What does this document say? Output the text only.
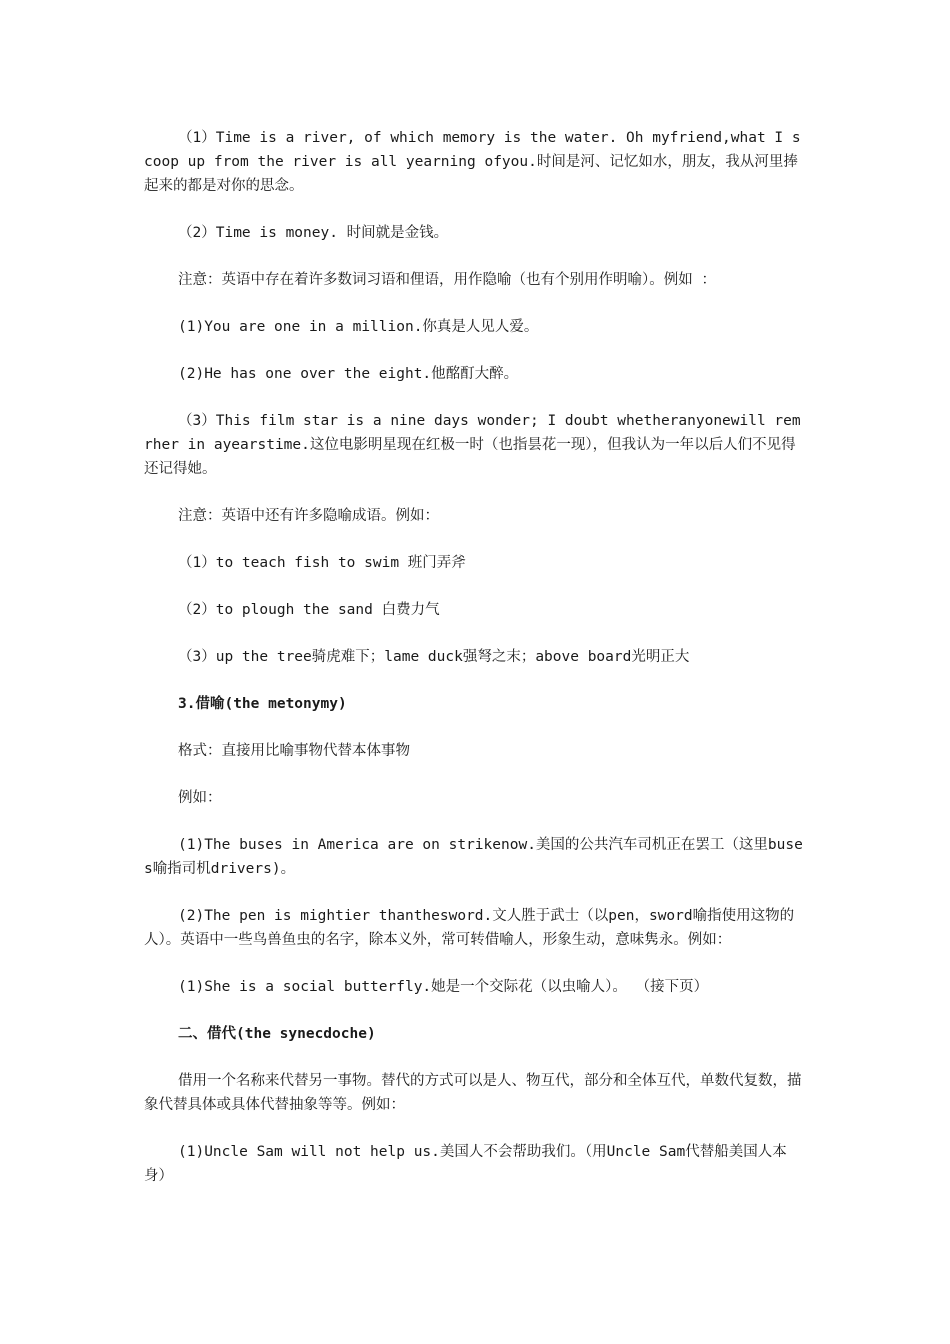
（1）Time is a river, of which memory is the water. Oh myfriend,what I scoop up from the river is all yearning ofyou.时间是河、记忆如水，朋友，我从河里捧起来的都是对你的思念。

（2）Time is money. 时间就是金钱。

注意：英语中存在着许多数词习语和俚语，用作隐喻（也有个别用作明喻）。例如 ：

(1)You are one in a million.你真是人见人爱。

(2)He has one over the eight.他酩酊大醉。

（3）This film star is a nine days wonder; I doubt whetheranyonewill remrher in ayearstime.这位电影明星现在红极一时（也指昙花一现），但我认为一年以后人们不见得还记得她。

注意：英语中还有许多隐喻成语。例如：

（1）to teach fish to swim 班门弄斧

（2）to plough the sand 白费力气

（3）up the tree骑虎难下；lame duck强弩之末；above board光明正大

3.借喻(the metonymy)

格式：直接用比喻事物代替本体事物

例如：

(1)The buses in America are on strikenow.美国的公共汽车司机正在罢工（这里buses喻指司机drivers)。

(2)The pen is mightier thanthesword.文人胜于武士（以pen，sword喻指使用这物的人）。英语中一些鸟兽鱼虫的名字，除本义外，常可转借喻人，形象生动，意味隽永。例如：

(1)She is a social butterfly.她是一个交际花（以虫喻人）。 （接下页）

二、借代(the synecdoche)

借用一个名称来代替另一事物。替代的方式可以是人、物互代，部分和全体互代，单数代复数，描象代替具体或具体代替抽象等等。例如：

(1)Uncle Sam will not help us.美国人不会帮助我们。（用Uncle Sam代替船美国人本身）
